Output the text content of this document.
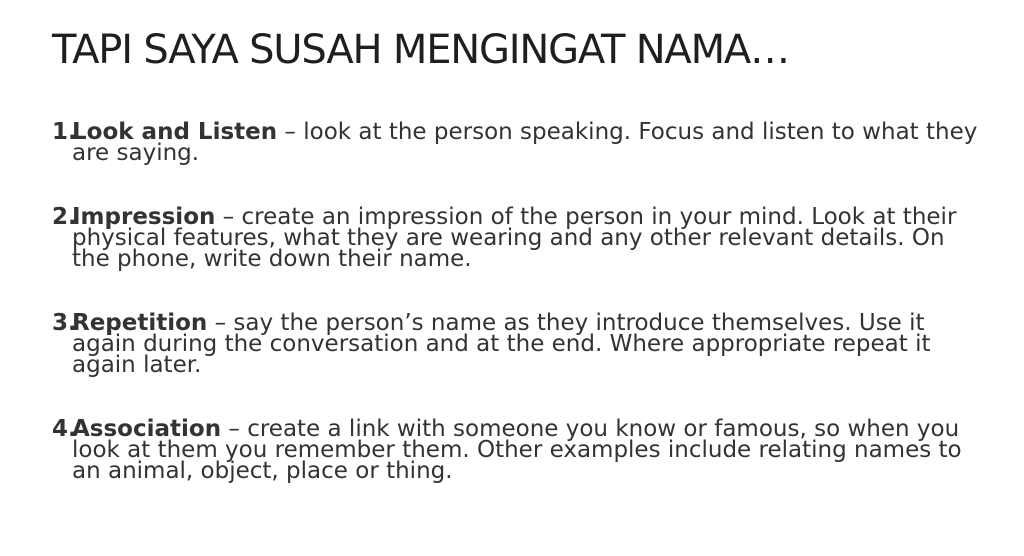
TAPI SAYA SUSAH MENGINGAT NAMA…
1.
Look and Listen – look at the person speaking. Focus and listen to what they are saying.
2.
Impression – create an impression of the person in your mind. Look at their physical features, what they are wearing and any other relevant details. On the phone, write down their name.
3.
Repetition – say the person’s name as they introduce themselves. Use it again during the conversation and at the end. Where appropriate repeat it again later.
4.
Association – create a link with someone you know or famous, so when you look at them you remember them. Other examples include relating names to an animal, object, place or thing.
